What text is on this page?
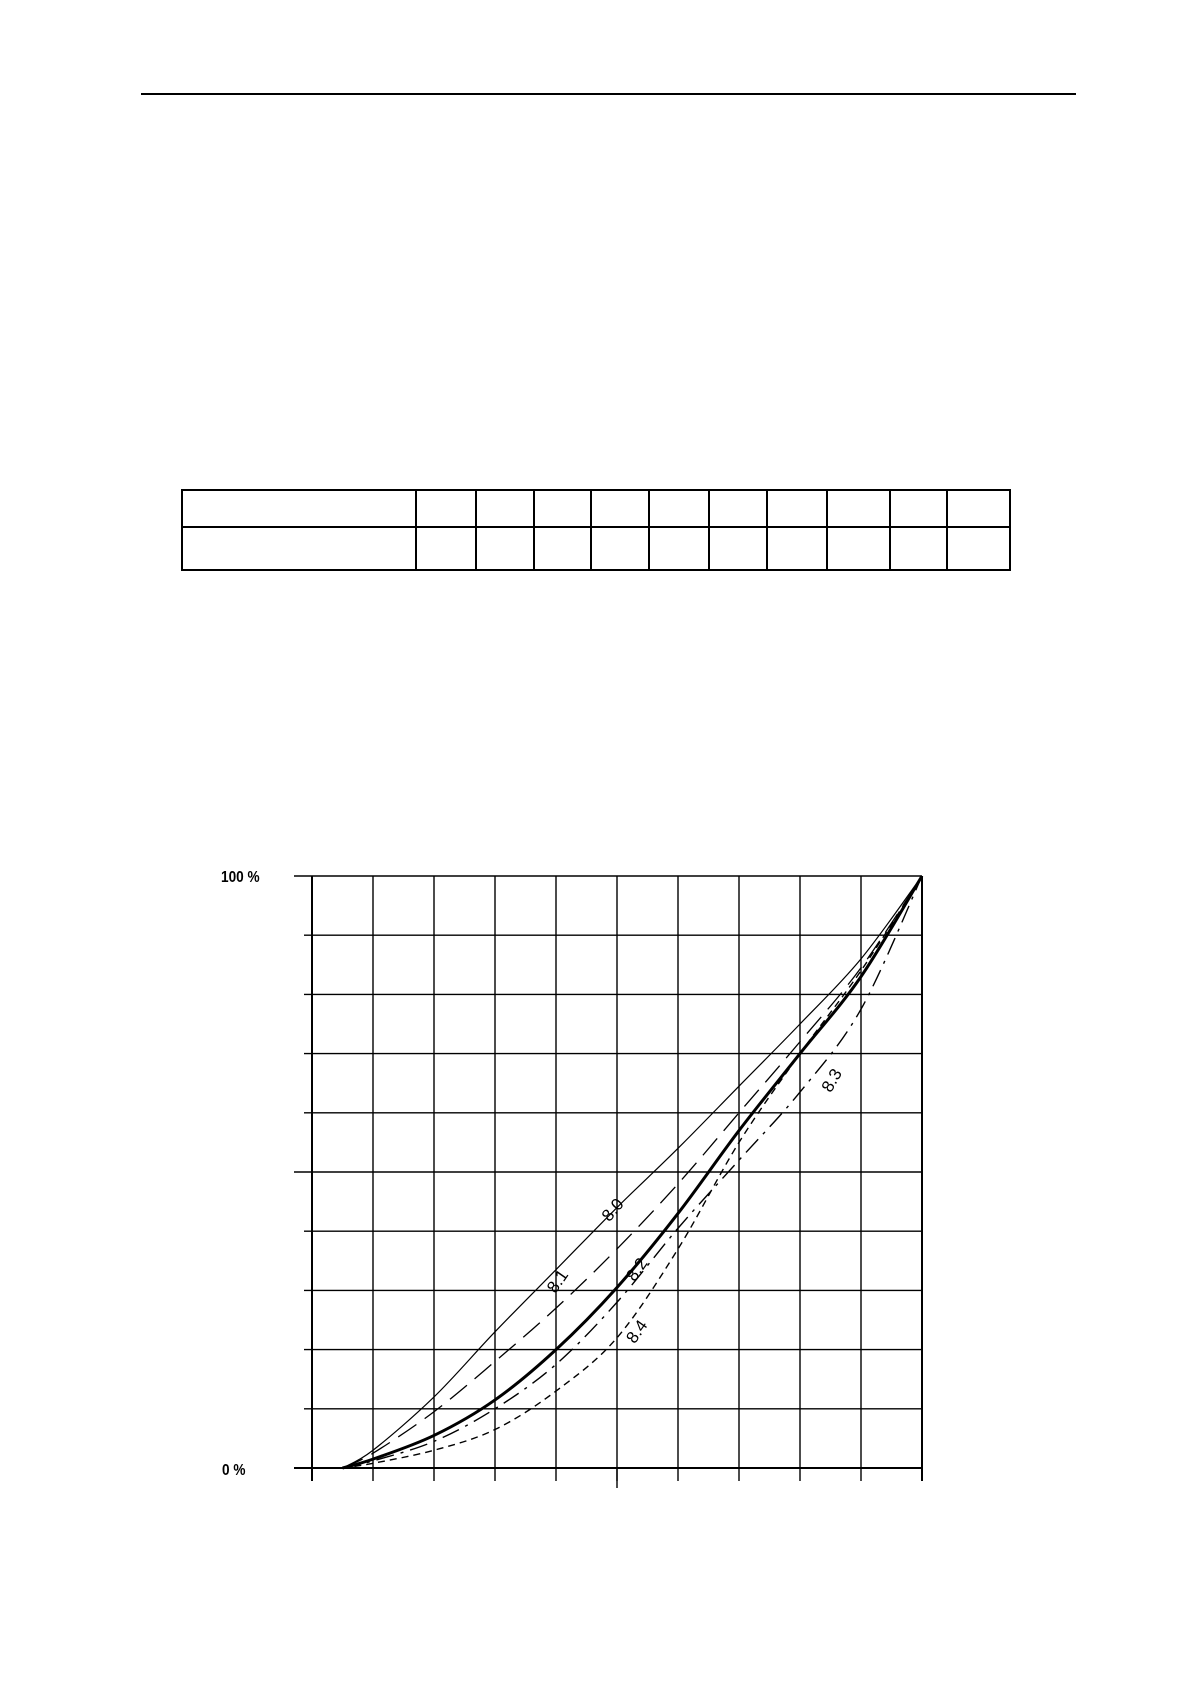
8.0
8.1	8.2
8.3
8.4
100 %
0 %
